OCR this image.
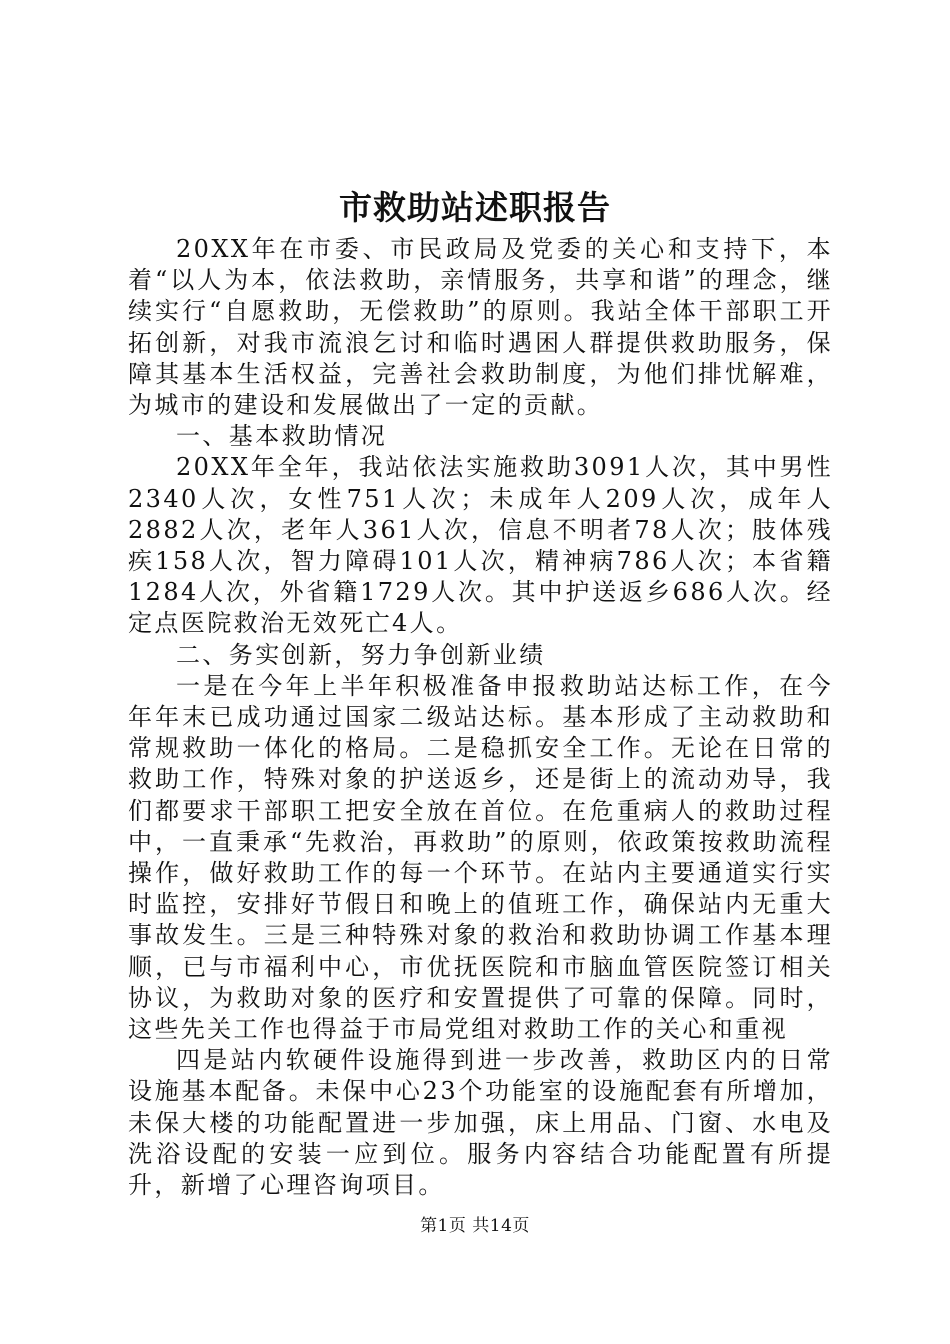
市救助站述职报告

20XX年在市委、市民政局及党委的关心和支持下，本着“以人为本，依法救助，亲情服务，共享和谐”的理念，继续实行“自愿救助，无偿救助”的原则。我站全体干部职工开拓创新，对我市流浪乞讨和临时遇困人群提供救助服务，保障其基本生活权益，完善社会救助制度，为他们排忧解难，为城市的建设和发展做出了一定的贡献。

一、基本救助情况

20XX年全年，我站依法实施救助3091人次，其中男性2340人次，女性751人次；未成年人209人次，成年人2882人次，老年人361人次，信息不明者78人次；肢体残疾158人次，智力障碍101人次，精神病786人次；本省籍1284人次，外省籍1729人次。其中护送返乡686人次。经定点医院救治无效死亡4人。

二、务实创新，努力争创新业绩

一是在今年上半年积极准备申报救助站达标工作，在今年年末已成功通过国家二级站达标。基本形成了主动救助和常规救助一体化的格局。二是稳抓安全工作。无论在日常的救助工作，特殊对象的护送返乡，还是街上的流动劝导，我们都要求干部职工把安全放在首位。在危重病人的救助过程中，一直秉承“先救治，再救助”的原则，依政策按救助流程操作，做好救助工作的每一个环节。在站内主要通道实行实时监控，安排好节假日和晚上的值班工作，确保站内无重大事故发生。三是三种特殊对象的救治和救助协调工作基本理顺，已与市福利中心，市优抚医院和市脑血管医院签订相关协议，为救助对象的医疗和安置提供了可靠的保障。同时，这些先关工作也得益于市局党组对救助工作的关心和重视

四是站内软硬件设施得到进一步改善，救助区内的日常设施基本配备。未保中心23个功能室的设施配套有所增加，未保大楼的功能配置进一步加强，床上用品、门窗、水电及洗浴设配的安装一应到位。服务内容结合功能配置有所提升，新增了心理咨询项目。

第1页 共14页
